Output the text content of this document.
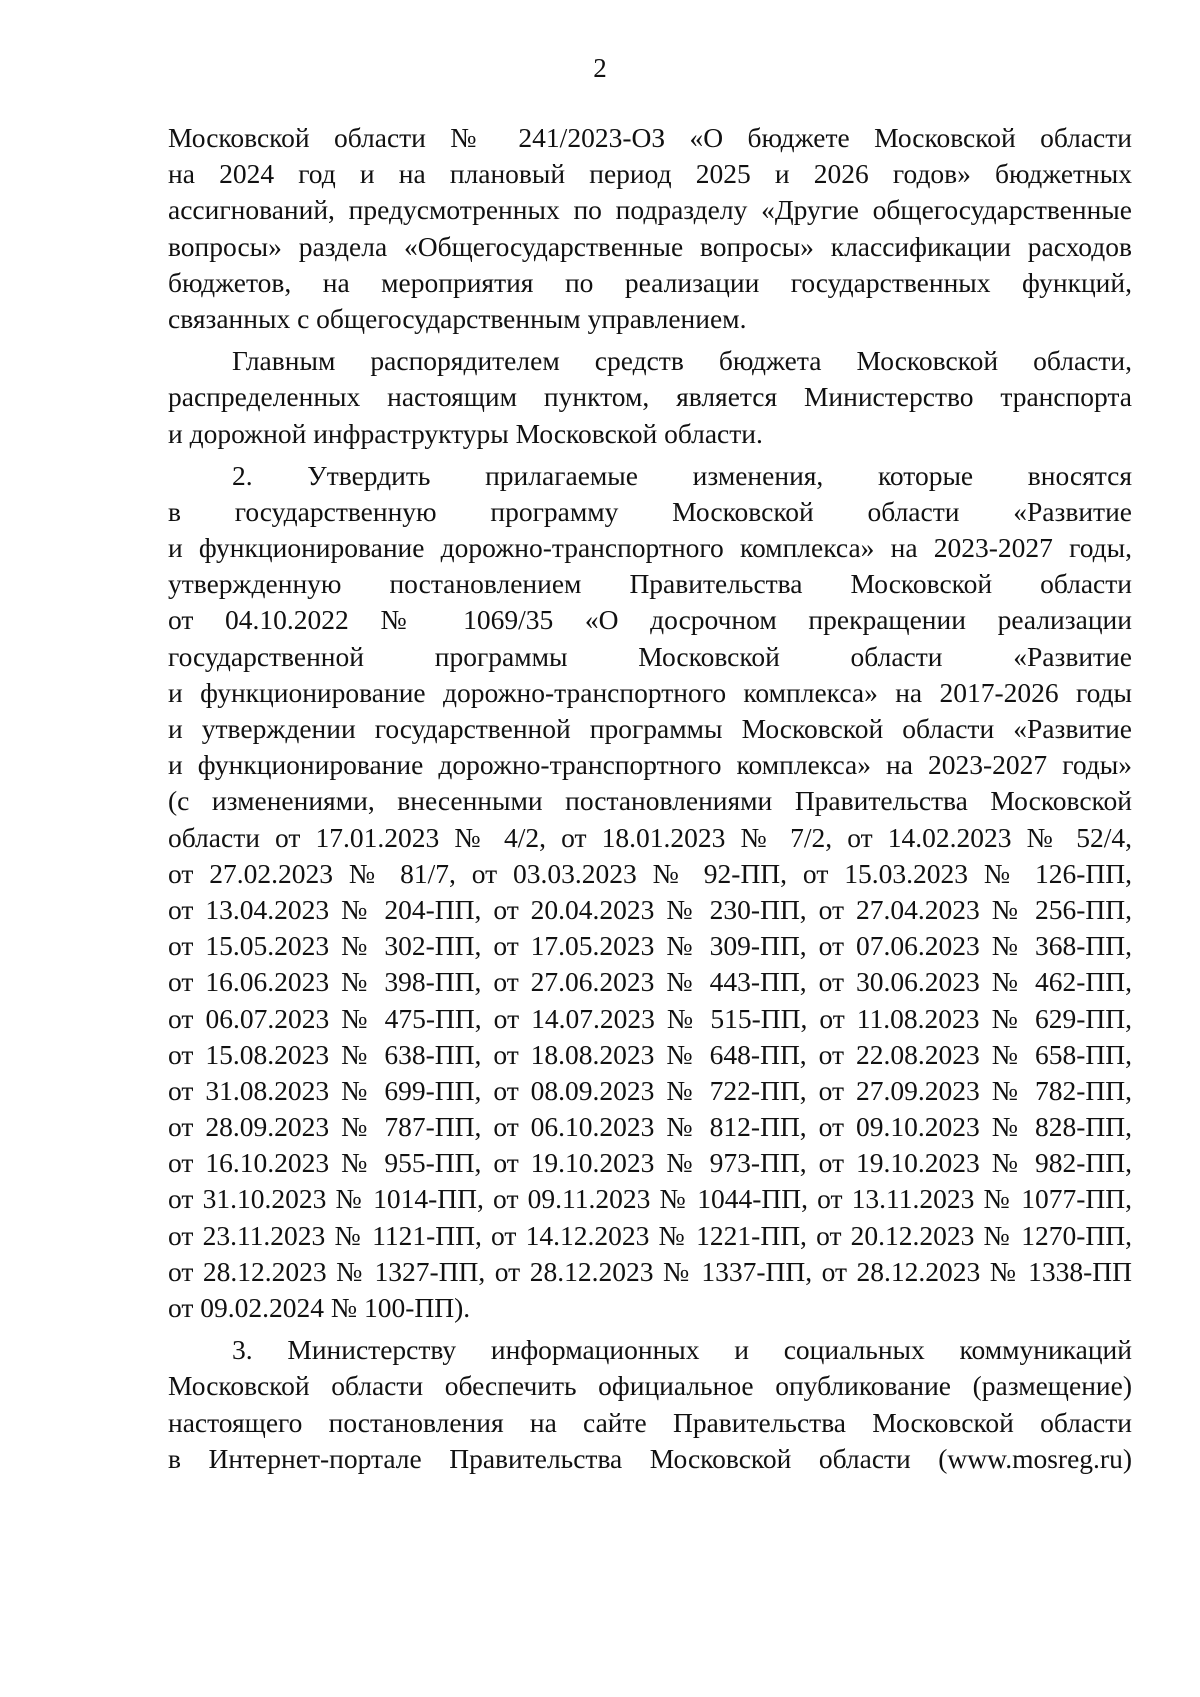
2
Московской области № 241/2023-ОЗ «О бюджете Московской области
на 2024 год и на плановый период 2025 и 2026 годов» бюджетных
ассигнований, предусмотренных по подразделу «Другие общегосударственные
вопросы» раздела «Общегосударственные вопросы» классификации расходов
бюджетов, на мероприятия по реализации государственных функций,
связанных с общегосударственным управлением.
Главным распорядителем средств бюджета Московской области,
распределенных настоящим пунктом, является Министерство транспорта
и дорожной инфраструктуры Московской области.
2. Утвердить прилагаемые изменения, которые вносятся
в государственную программу Московской области «Развитие
и функционирование дорожно-транспортного комплекса» на 2023-2027 годы,
утвержденную постановлением Правительства Московской области
от 04.10.2022 № 1069/35 «О досрочном прекращении реализации
государственной программы Московской области «Развитие
и функционирование дорожно-транспортного комплекса» на 2017-2026 годы
и утверждении государственной программы Московской области «Развитие
и функционирование дорожно-транспортного комплекса» на 2023-2027 годы»
(с изменениями, внесенными постановлениями Правительства Московской
области от 17.01.2023 № 4/2, от 18.01.2023 № 7/2, от 14.02.2023 № 52/4,
от 27.02.2023 № 81/7, от 03.03.2023 № 92-ПП, от 15.03.2023 № 126-ПП,
от 13.04.2023 № 204-ПП, от 20.04.2023 № 230-ПП, от 27.04.2023 № 256-ПП,
от 15.05.2023 № 302-ПП, от 17.05.2023 № 309-ПП, от 07.06.2023 № 368-ПП,
от 16.06.2023 № 398-ПП, от 27.06.2023 № 443-ПП, от 30.06.2023 № 462-ПП,
от 06.07.2023 № 475-ПП, от 14.07.2023 № 515-ПП, от 11.08.2023 № 629-ПП,
от 15.08.2023 № 638-ПП, от 18.08.2023 № 648-ПП, от 22.08.2023 № 658-ПП,
от 31.08.2023 № 699-ПП, от 08.09.2023 № 722-ПП, от 27.09.2023 № 782-ПП,
от 28.09.2023 № 787-ПП, от 06.10.2023 № 812-ПП, от 09.10.2023 № 828-ПП,
от 16.10.2023 № 955-ПП, от 19.10.2023 № 973-ПП, от 19.10.2023 № 982-ПП,
от 31.10.2023 № 1014-ПП, от 09.11.2023 № 1044-ПП, от 13.11.2023 № 1077-ПП,
от 23.11.2023 № 1121-ПП, от 14.12.2023 № 1221-ПП, от 20.12.2023 № 1270-ПП,
от 28.12.2023 № 1327-ПП, от 28.12.2023 № 1337-ПП, от 28.12.2023 № 1338-ПП
от 09.02.2024 № 100-ПП).
3. Министерству информационных и социальных коммуникаций
Московской области обеспечить официальное опубликование (размещение)
настоящего постановления на сайте Правительства Московской области
в Интернет-портале Правительства Московской области (www.mosreg.ru)
